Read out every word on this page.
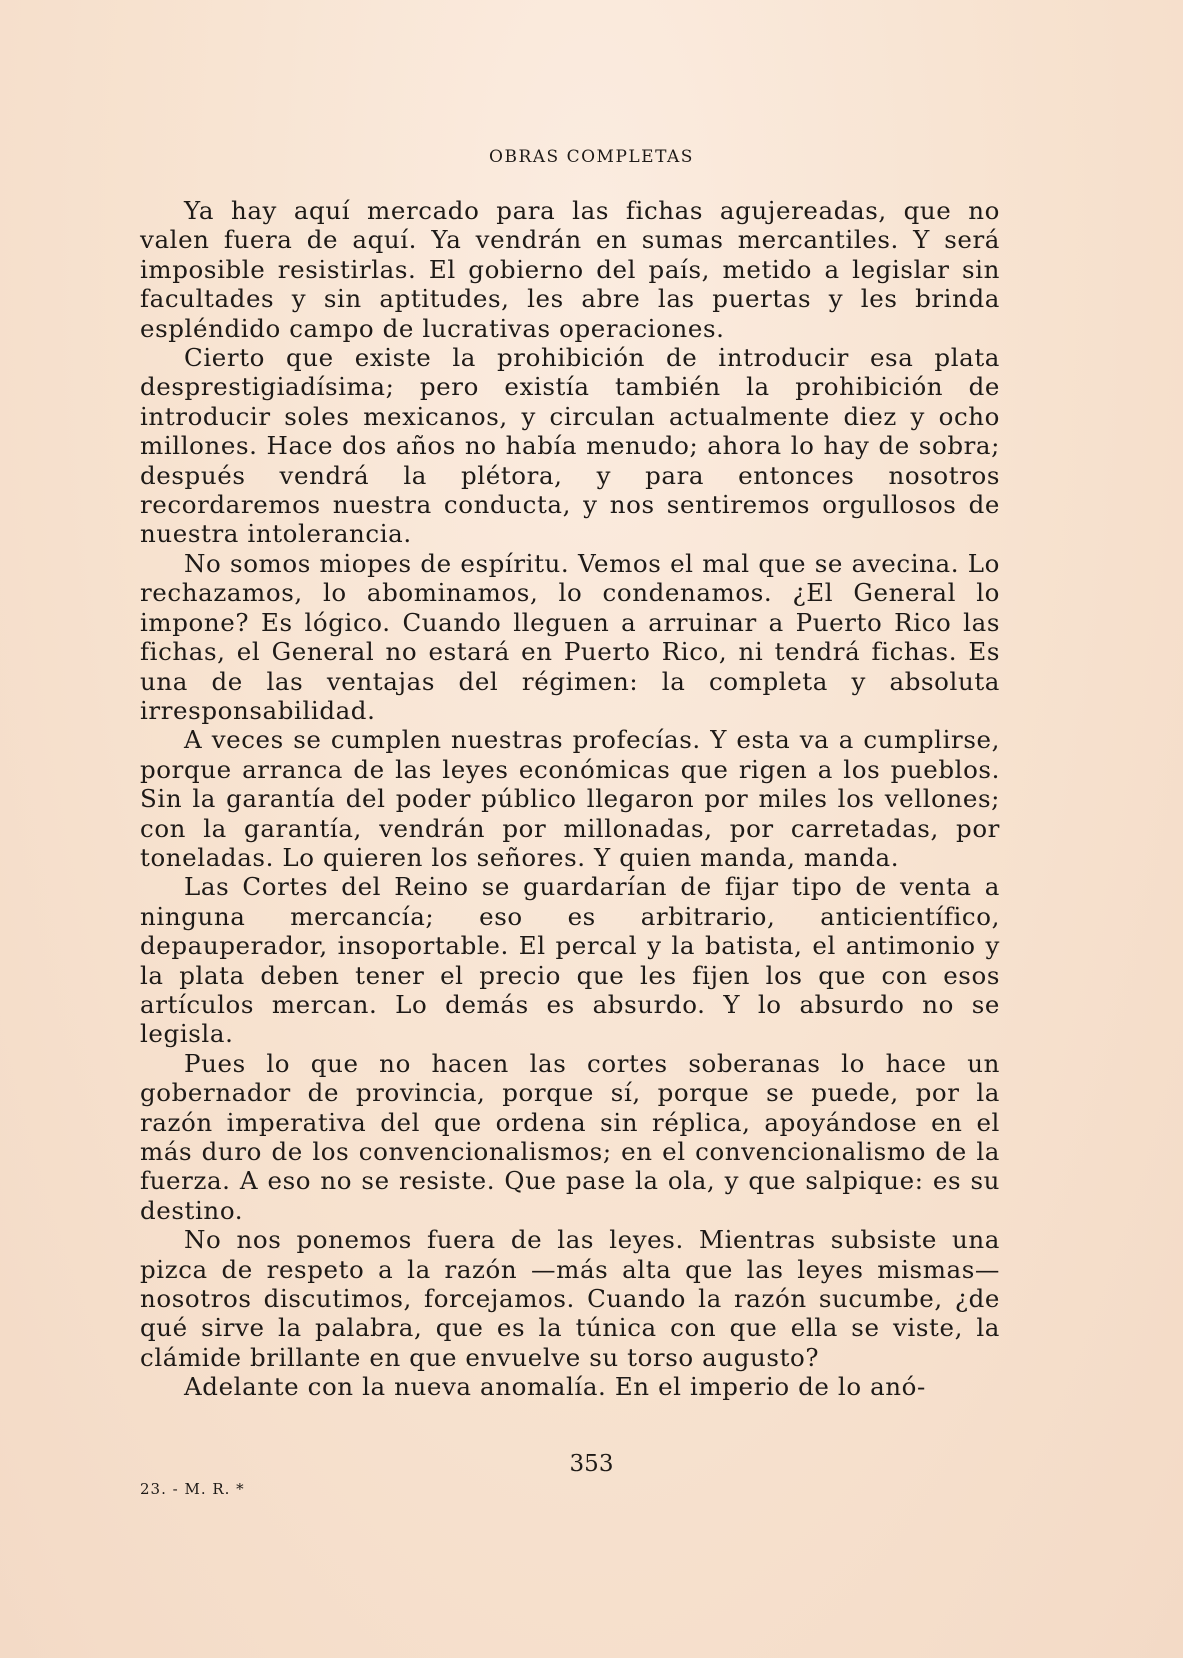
OBRAS COMPLETAS

Ya hay aquí mercado para las fichas agujereadas, que no valen fuera de aquí. Ya vendrán en sumas mercantiles. Y será imposible resistirlas. El gobierno del país, metido a legislar sin facultades y sin aptitudes, les abre las puertas y les brinda espléndido campo de lucrativas operaciones.

Cierto que existe la prohibición de introducir esa plata desprestigiadísima; pero existía también la prohibición de introducir soles mexicanos, y circulan actualmente diez y ocho millones. Hace dos años no había menudo; ahora lo hay de sobra; después vendrá la plétora, y para entonces nosotros recordaremos nuestra conducta, y nos sentiremos orgullosos de nuestra intolerancia.

No somos miopes de espíritu. Vemos el mal que se avecina. Lo rechazamos, lo abominamos, lo condenamos. ¿El General lo impone? Es lógico. Cuando lleguen a arruinar a Puerto Rico las fichas, el General no estará en Puerto Rico, ni tendrá fichas. Es una de las ventajas del régimen: la completa y absoluta irresponsabilidad.

A veces se cumplen nuestras profecías. Y esta va a cumplirse, porque arranca de las leyes económicas que rigen a los pueblos. Sin la garantía del poder público llegaron por miles los vellones; con la garantía, vendrán por millonadas, por carretadas, por toneladas. Lo quieren los señores. Y quien manda, manda.

Las Cortes del Reino se guardarían de fijar tipo de venta a ninguna mercancía; eso es arbitrario, anticientífico, depauperador, insoportable. El percal y la batista, el antimonio y la plata deben tener el precio que les fijen los que con esos artículos mercan. Lo demás es absurdo. Y lo absurdo no se legisla.

Pues lo que no hacen las cortes soberanas lo hace un gobernador de provincia, porque sí, porque se puede, por la razón imperativa del que ordena sin réplica, apoyándose en el más duro de los convencionalismos; en el convencionalismo de la fuerza. A eso no se resiste. Que pase la ola, y que salpique: es su destino.

No nos ponemos fuera de las leyes. Mientras subsiste una pizca de respeto a la razón —más alta que las leyes mismas— nosotros discutimos, forcejamos. Cuando la razón sucumbe, ¿de qué sirve la palabra, que es la túnica con que ella se viste, la clámide brillante en que envuelve su torso augusto?

Adelante con la nueva anomalía. En el imperio de lo anó-

353
23. - M. R. *
